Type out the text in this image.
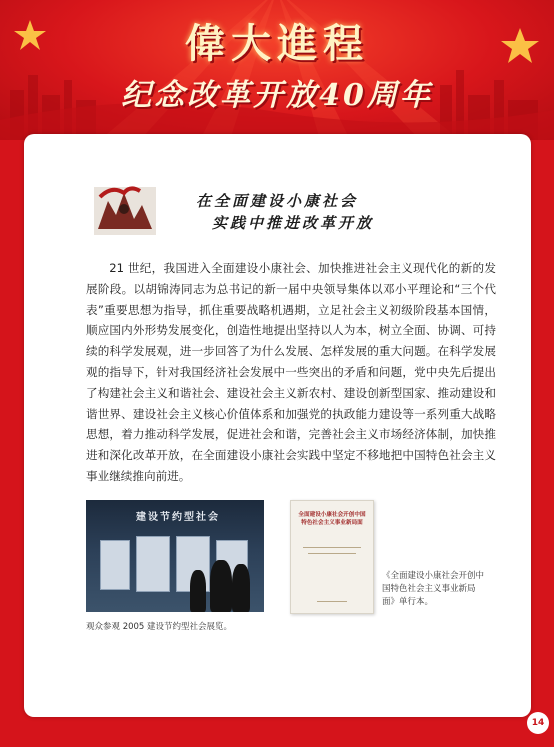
偉大進程
纪念改革开放40周年
在全面建设小康社会
实践中推进改革开放

21 世纪，我国进入全面建设小康社会、加快推进社会主义现代化的新的发展阶段。以胡锦涛同志为总书记的新一届中央领导集体以邓小平理论和“三个代表”重要思想为指导，抓住重要战略机遇期，立足社会主义初级阶段基本国情，顺应国内外形势发展变化，创造性地提出坚持以人为本，树立全面、协调、可持续的科学发展观，进一步回答了为什么发展、怎样发展的重大问题。在科学发展观的指导下，针对我国经济社会发展中一些突出的矛盾和问题，党中央先后提出了构建社会主义和谐社会、建设社会主义新农村、建设创新型国家、推动建设和谐世界、建设社会主义核心价值体系和加强党的执政能力建设等一系列重大战略思想，着力推动科学发展，促进社会和谐，完善社会主义市场经济体制，加快推进和深化改革开放，在全面建设小康社会实践中坚定不移地把中国特色社会主义事业继续推向前进。

建设节约型社会
观众参观 2005 建设节约型社会展览。
全面建设小康社会开创中国特色社会主义事业新局面
《全面建设小康社会开创中国特色社会主义事业新局面》单行本。
14
